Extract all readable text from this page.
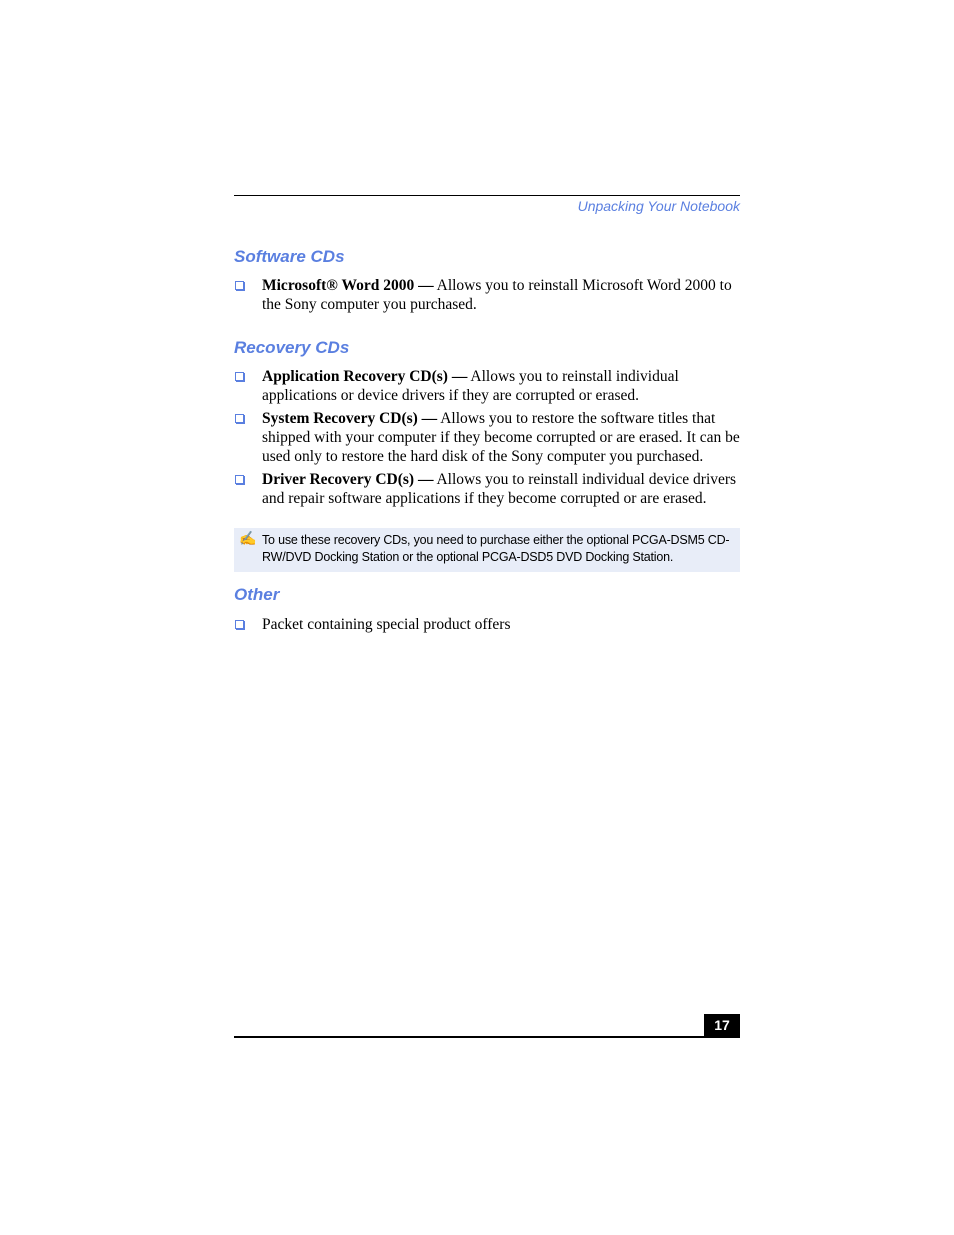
Unpacking Your Notebook
Software CDs
Microsoft® Word 2000 — Allows you to reinstall Microsoft Word 2000 to the Sony computer you purchased.
Recovery CDs
Application Recovery CD(s) — Allows you to reinstall individual applications or device drivers if they are corrupted or erased.
System Recovery CD(s) — Allows you to restore the software titles that shipped with your computer if they become corrupted or are erased. It can be used only to restore the hard disk of the Sony computer you purchased.
Driver Recovery CD(s) — Allows you to reinstall individual device drivers and repair software applications if they become corrupted or are erased.
✍ To use these recovery CDs, you need to purchase either the optional PCGA-DSM5 CD-RW/DVD Docking Station or the optional PCGA-DSD5 DVD Docking Station.
Other
Packet containing special product offers
17
